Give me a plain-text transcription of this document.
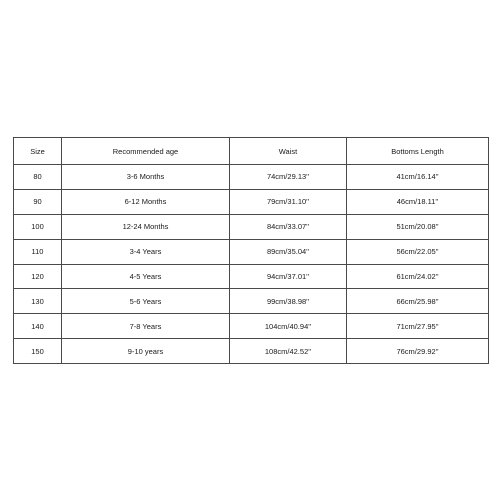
Size	Recommended age	Waist	Bottoms Length
80	3-6 Months	74cm/29.13''	41cm/16.14''
90	6-12 Months	79cm/31.10''	46cm/18.11''
100	12-24 Months	84cm/33.07''	51cm/20.08''
110	3-4 Years	89cm/35.04''	56cm/22.05''
120	4-5 Years	94cm/37.01''	61cm/24.02''
130	5-6 Years	99cm/38.98''	66cm/25.98''
140	7-8 Years	104cm/40.94''	71cm/27.95''
150	9-10 years	108cm/42.52''	76cm/29.92''
